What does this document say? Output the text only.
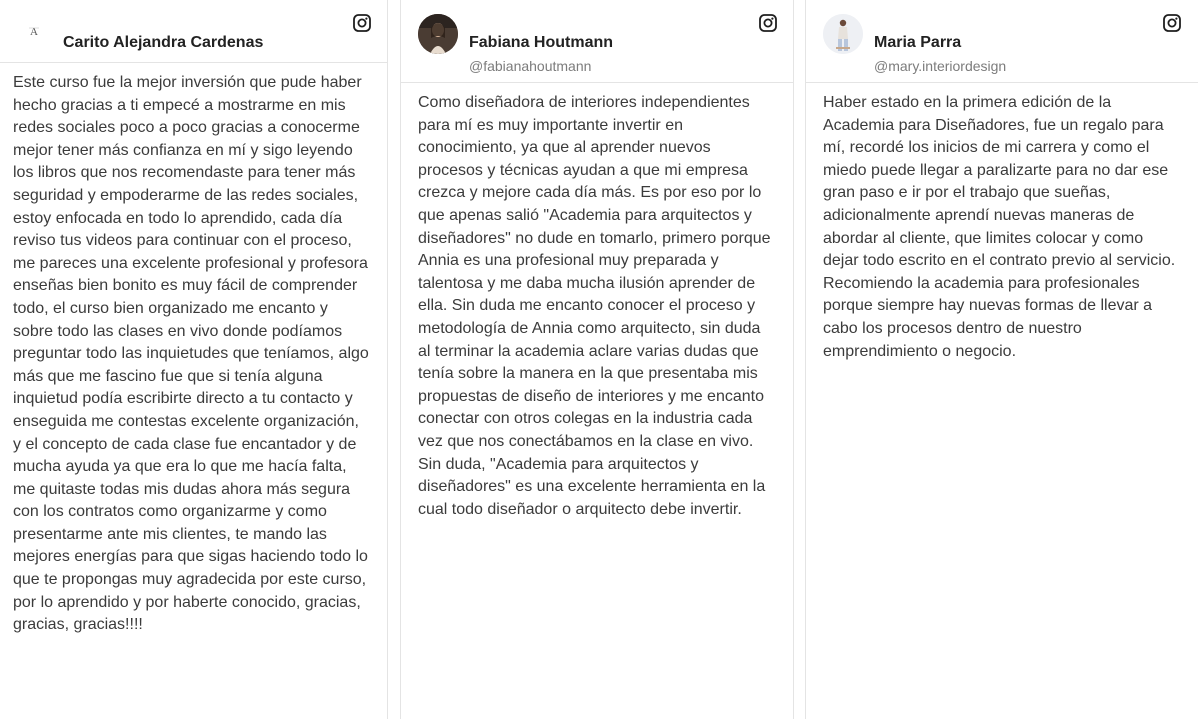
A
Carito Alejandra Cardenas

Este curso fue la mejor inversión que pude haber hecho gracias a ti empecé a mostrarme en mis redes sociales poco a poco gracias a conocerme mejor tener más confianza en mí y sigo leyendo los libros que nos recomendaste para tener más seguridad y empoderarme de las redes sociales, estoy enfocada en todo lo aprendido, cada día reviso tus videos para continuar con el proceso, me pareces una excelente profesional y profesora enseñas bien bonito es muy fácil de comprender todo, el curso bien organizado me encanto y sobre todo las clases en vivo donde podíamos preguntar todo las inquietudes que teníamos, algo más que me fascino fue que si tenía alguna inquietud podía escribirte directo a tu contacto y enseguida me contestas excelente organización, y el concepto de cada clase fue encantador y de mucha ayuda ya que era lo que me hacía falta, me quitaste todas mis dudas ahora más segura con los contratos como organizarme y como presentarme ante mis clientes, te mando las mejores energías para que sigas haciendo todo lo que te propongas muy agradecida por este curso, por lo aprendido y por haberte conocido, gracias, gracias, gracias!!!!

Fabiana Houtmann
@fabianahoutmann

Como diseñadora de interiores independientes para mí es muy importante invertir en conocimiento, ya que al aprender nuevos procesos y técnicas ayudan a que mi empresa crezca y mejore cada día más. Es por eso por lo que apenas salió "Academia para arquitectos y diseñadores" no dude en tomarlo, primero porque Annia es una profesional muy preparada y talentosa y me daba mucha ilusión aprender de ella. Sin duda me encanto conocer el proceso y metodología de Annia como arquitecto, sin duda al terminar la academia aclare varias dudas que tenía sobre la manera en la que presentaba mis propuestas de diseño de interiores y me encanto conectar con otros colegas en la industria cada vez que nos conectábamos en la clase en vivo. Sin duda, "Academia para arquitectos y diseñadores" es una excelente herramienta en la cual todo diseñador o arquitecto debe invertir.

Maria Parra
@mary.interiordesign

Haber estado en la primera edición de la Academia para Diseñadores, fue un regalo para mí, recordé los inicios de mi carrera y como el miedo puede llegar a paralizarte para no dar ese gran paso e ir por el trabajo que sueñas, adicionalmente aprendí nuevas maneras de abordar al cliente, que limites colocar y como dejar todo escrito en el contrato previo al servicio. Recomiendo la academia para profesionales porque siempre hay nuevas formas de llevar a cabo los procesos dentro de nuestro emprendimiento o negocio.
